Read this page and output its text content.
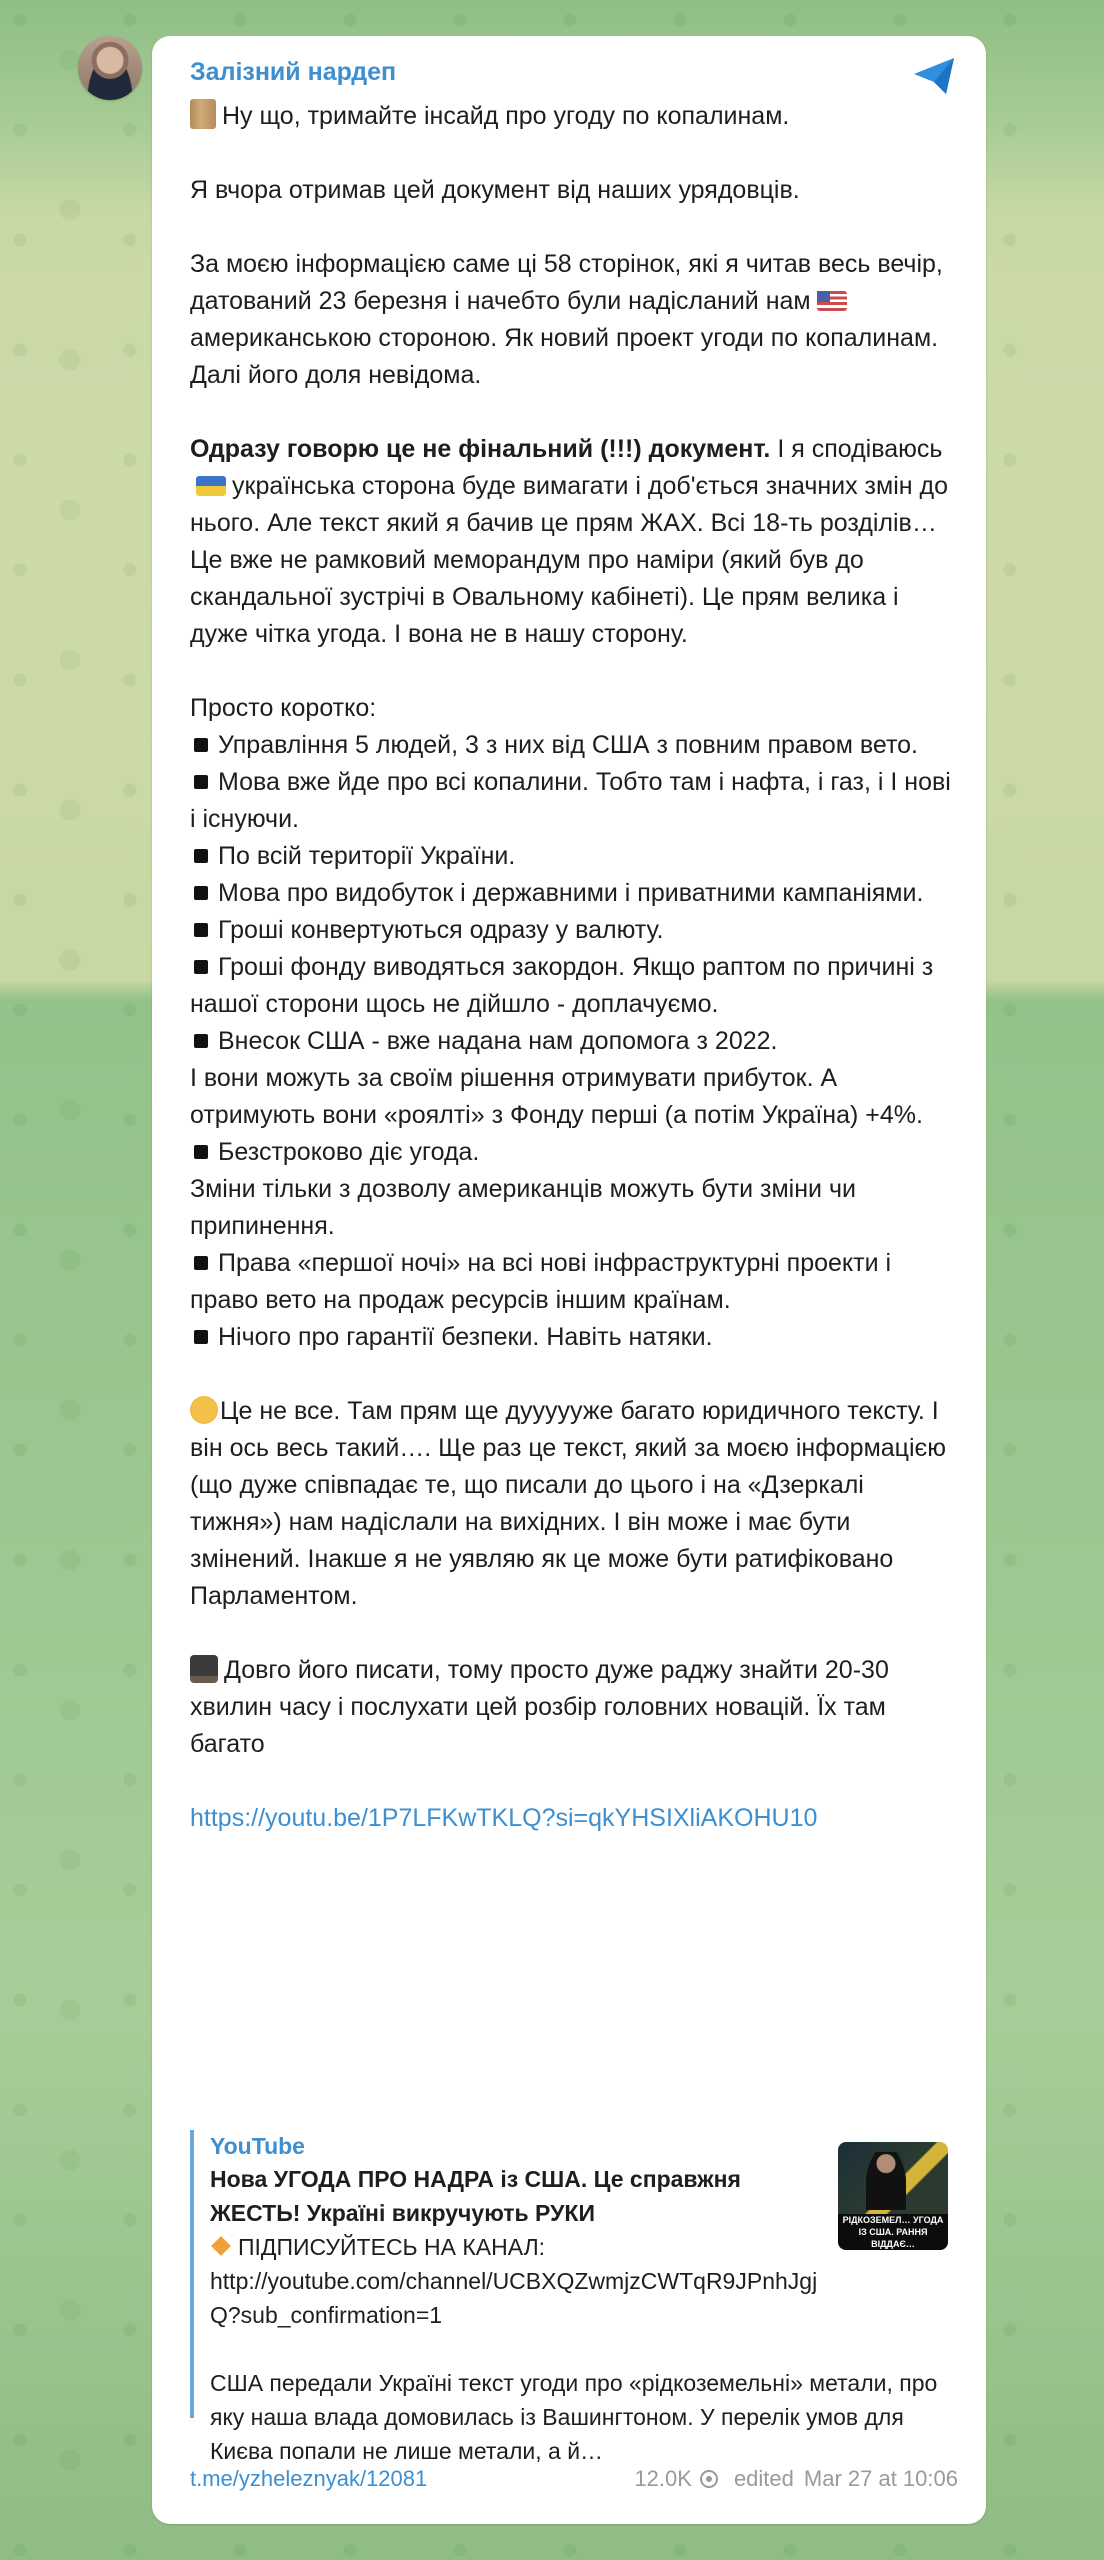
Залізний нардеп

Ну що, тримайте інсайд про угоду по копалинам.

Я вчора отримав цей документ від наших урядовців.

За моєю інформацією саме ці 58 сторінок, які я читав весь вечір, датований 23 березня і начебто були надісланий намамериканською стороною. Як новий проект угоди по копалинам. Далі його доля невідома.

Одразу говорю це не фінальний (!!!) документ. І я сподіваюсьукраїнська сторона буде вимагати і доб'ється значних змін до нього. Але текст який я бачив це прям ЖАХ. Всі 18-ть розділів… Це вже не рамковий меморандум про наміри (який був до скандальної зустрічі в Овальному кабінеті). Це прям велика і дуже чітка угода. І вона не в нашу сторону.

Просто коротко:

Управління 5 людей, 3 з них від США з повним правом вето.

Мова вже йде про всі копалини. Тобто там і нафта, і газ, і І нові і існуючи.

По всій території України.

Мова про видобуток і державними і приватними кампаніями.

Гроші конвертуються одразу у валюту.

Гроші фонду виводяться закордон. Якщо раптом по причині з нашої сторони щось не дійшло - доплачуємо.

Внесок США - вже надана нам допомога з 2022.

І вони можуть за своїм рішення отримувати прибуток. А отримують вони «роялті» з Фонду перші (а потім Україна) +4%.

Безстроково діє угода.

Зміни тільки з дозволу американців можуть бути зміни чи припинення.

Права «першої ночі» на всі нові інфраструктурні проекти і право вето на продаж ресурсів іншим країнам.

Нічого про гарантії безпеки. Навіть натяки.

Це не все. Там прям ще дуууууже багато юридичного тексту. І він ось весь такий…. Ще раз це текст, який за моєю інформацією (що дуже співпадає те, що писали до цього і на «Дзеркалі тижня») нам надіслали на вихідних. І він може і має бути змінений. Інакше я не уявляю як це може бути ратифіковано Парламентом.

Довго його писати, тому просто дуже раджу знайти 20-30 хвилин часу і послухати цей розбір головних новацій. Їх там багато

https://youtu.be/1P7LFKwTKLQ?si=qkYHSIXliAKOHU10

YouTube
Нова УГОДА ПРО НАДРА із США. Це справжня ЖЕСТЬ! Україні викручують РУКИ
ПІДПИСУЙТЕСЬ НА КАНАЛ:
http://youtube.com/channel/UCBXQZwmjzCWTqR9JPnhJgjQ?sub_confirmation=1
США передали Україні текст угоди про «рідкоземельні» метали, про яку наша влада домовилась із Вашингтоном. У перелік умов для Києва попали не лише метали, а й…
РІДКОЗЕМЕЛ… УГОДА ІЗ США. РАННЯ ВІДДАЄ…
t.me/yzheleznyak/12081	12.0K edited Mar 27 at 10:06
